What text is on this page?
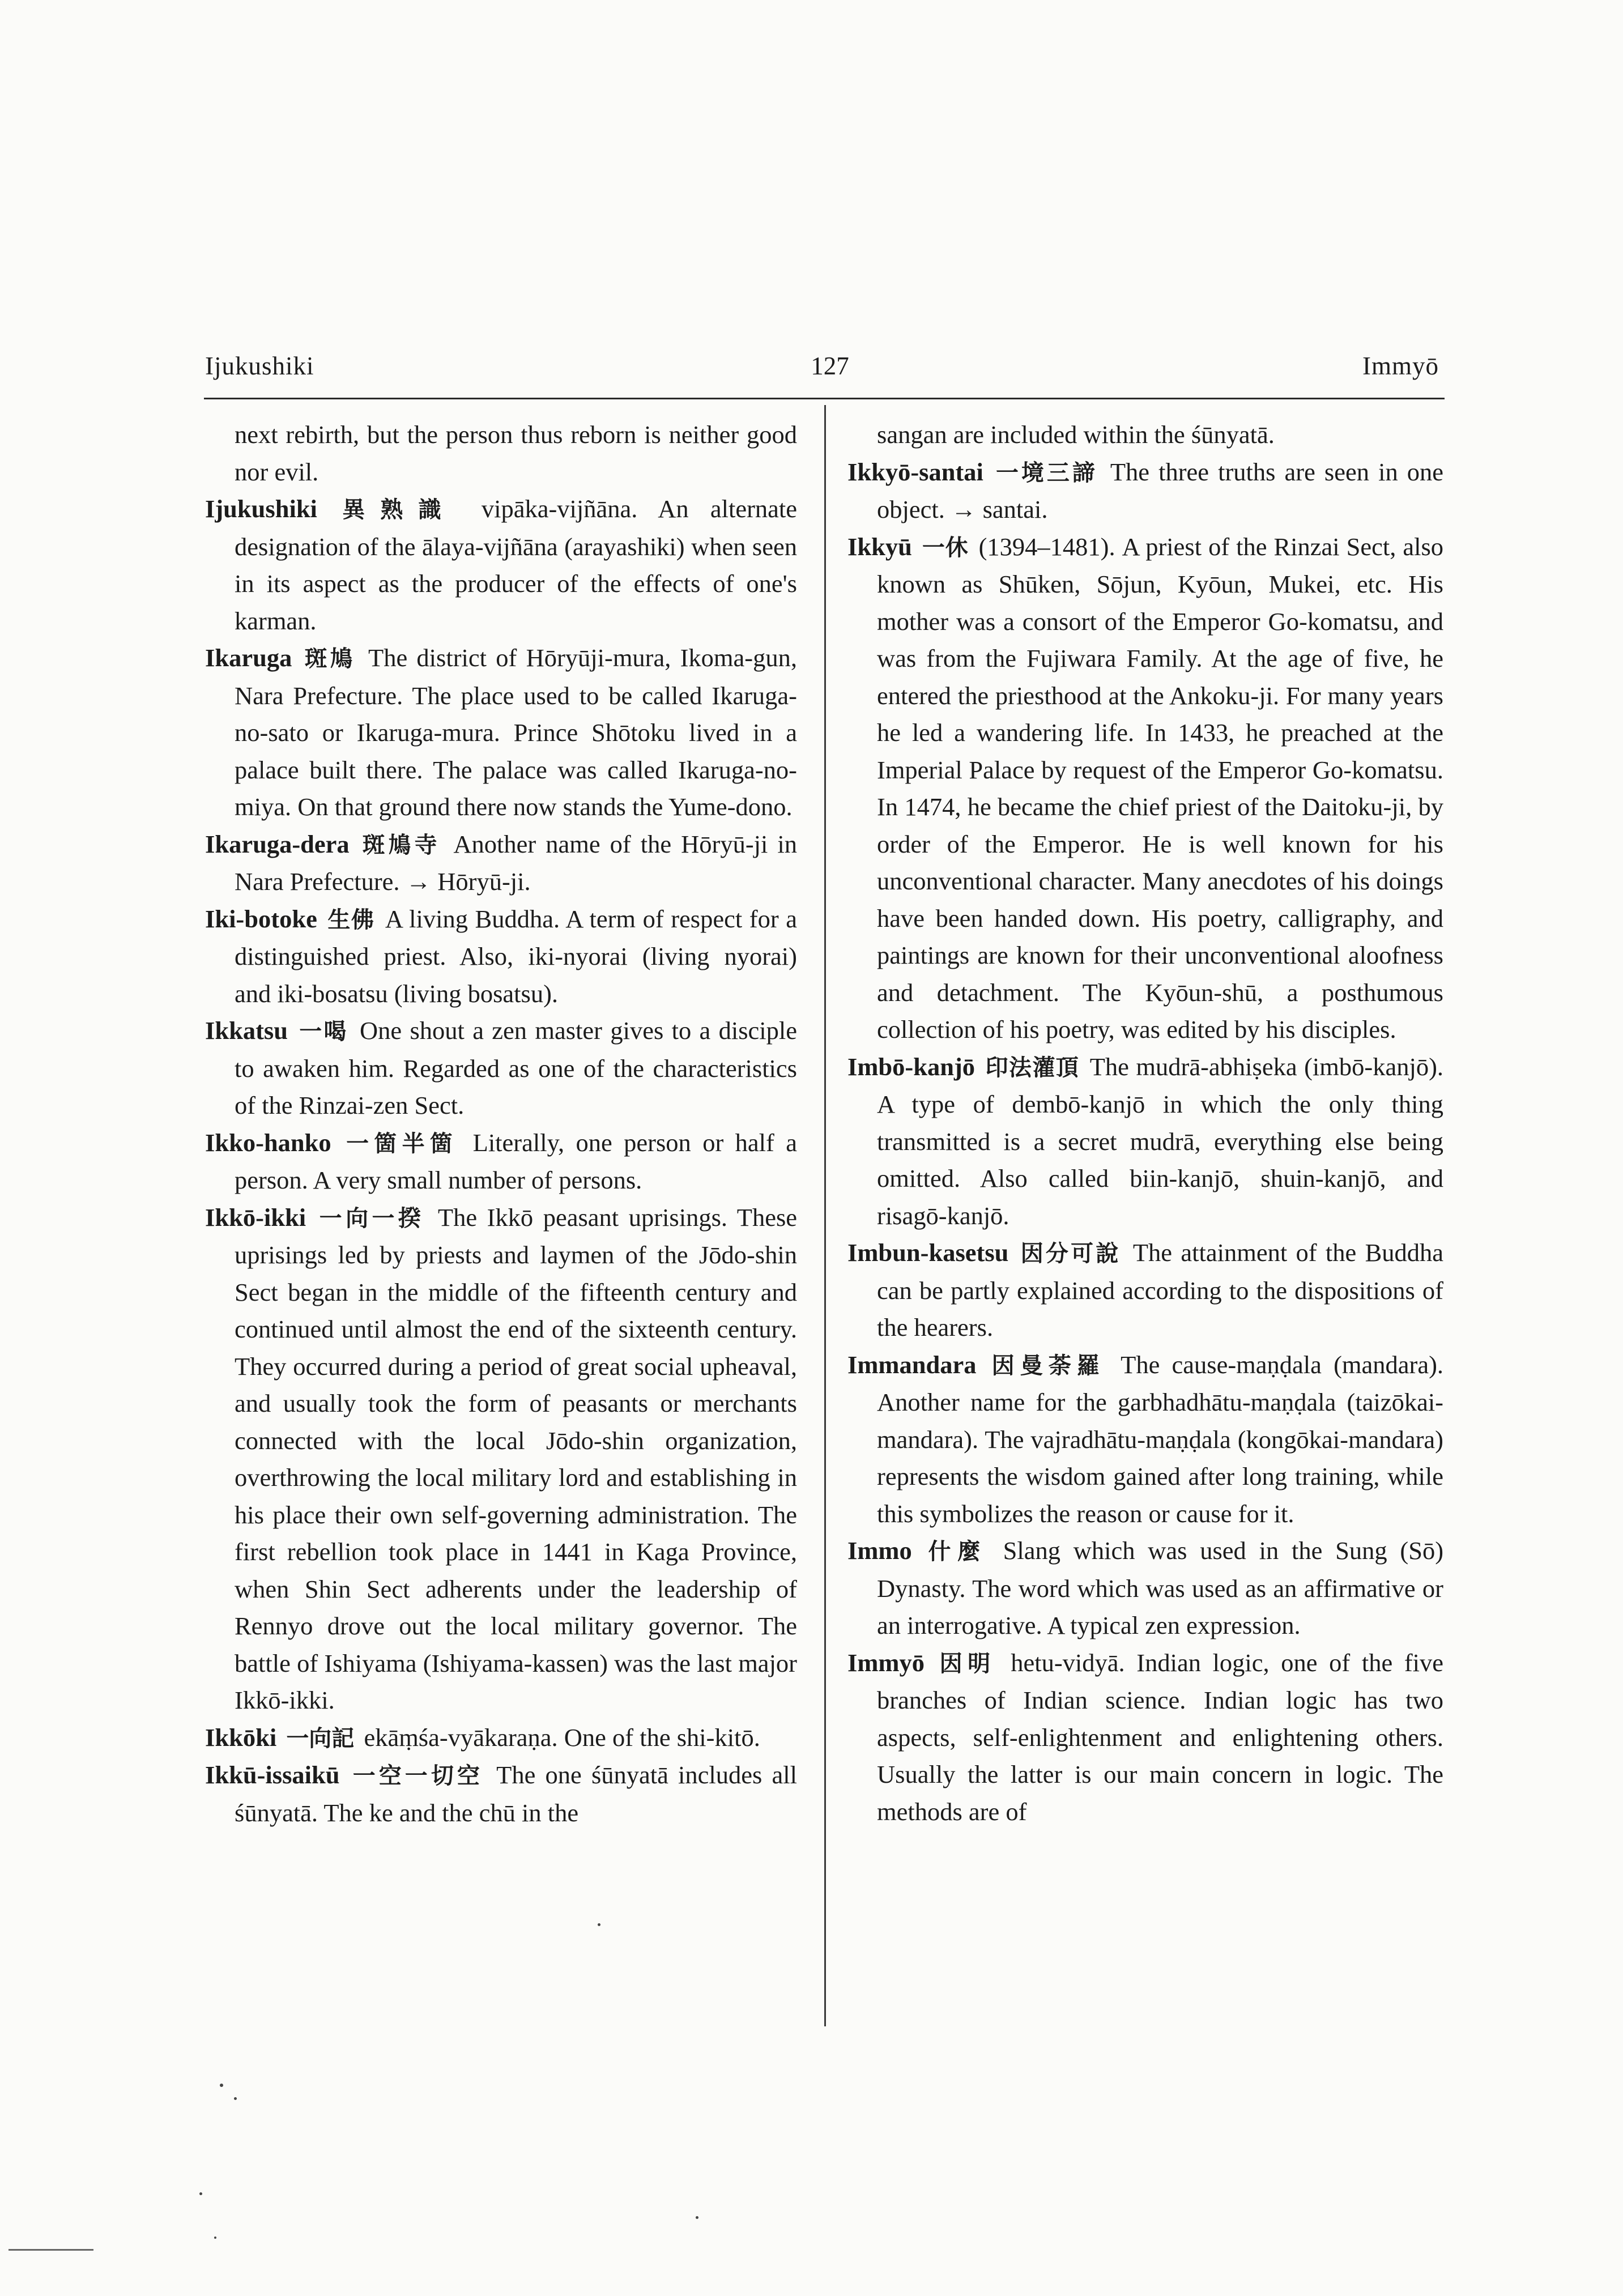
Ijukushiki	127	Immyō

next rebirth, but the person thus reborn is neither good nor evil.

Ijukushiki 異熟識 vipāka-vijñāna. An alternate designation of the ālaya-vijñāna (arayashiki) when seen in its aspect as the producer of the effects of one's karman.

Ikaruga 斑鳩 The district of Hōryūji-mura, Ikoma-gun, Nara Prefecture. The place used to be called Ikaruga-no-sato or Ikaruga-mura. Prince Shōtoku lived in a palace built there. The palace was called Ikaruga-no-miya. On that ground there now stands the Yume-dono.

Ikaruga-dera 斑鳩寺 Another name of the Hōryū-ji in Nara Prefecture. → Hōryū-ji.

Iki-botoke 生佛 A living Buddha. A term of respect for a distinguished priest. Also, iki-nyorai (living nyorai) and iki-bosatsu (living bosatsu).

Ikkatsu 一喝 One shout a zen master gives to a disciple to awaken him. Regarded as one of the characteristics of the Rinzai-zen Sect.

Ikko-hanko 一箇半箇 Literally, one person or half a person. A very small number of persons.

Ikkō-ikki 一向一揆 The Ikkō peasant uprisings. These uprisings led by priests and laymen of the Jōdo-shin Sect began in the middle of the fifteenth century and continued until almost the end of the sixteenth century. They occurred during a period of great social upheaval, and usually took the form of peasants or merchants connected with the local Jōdo-shin organization, overthrowing the local military lord and establishing in his place their own self-governing administration. The first rebellion took place in 1441 in Kaga Province, when Shin Sect adherents under the leadership of Rennyo drove out the local military governor. The battle of Ishiyama (Ishiyama-kassen) was the last major Ikkō-ikki.

Ikkōki 一向記 ekāṃśa-vyākaraṇa. One of the shi-kitō.

Ikkū-issaikū 一空一切空 The one śūnyatā includes all śūnyatā. The ke and the chū in the

sangan are included within the śūnyatā.

Ikkyō-santai 一境三諦 The three truths are seen in one object. → santai.

Ikkyū 一休 (1394–1481). A priest of the Rinzai Sect, also known as Shūken, Sōjun, Kyōun, Mukei, etc. His mother was a consort of the Emperor Go-komatsu, and was from the Fujiwara Family. At the age of five, he entered the priesthood at the Ankoku-ji. For many years he led a wandering life. In 1433, he preached at the Imperial Palace by request of the Emperor Go-komatsu. In 1474, he became the chief priest of the Daitoku-ji, by order of the Emperor. He is well known for his unconventional character. Many anecdotes of his doings have been handed down. His poetry, calligraphy, and paintings are known for their unconventional aloofness and detachment. The Kyōun-shū, a posthumous collection of his poetry, was edited by his disciples.

Imbō-kanjō 印法灌頂 The mudrā-abhiṣeka (imbō-kanjō). A type of dembō-kanjō in which the only thing transmitted is a secret mudrā, everything else being omitted. Also called biin-kanjō, shuin-kanjō, and risagō-kanjō.

Imbun-kasetsu 因分可說 The attainment of the Buddha can be partly explained according to the dispositions of the hearers.

Immandara 因曼荼羅 The cause-maṇḍala (mandara). Another name for the garbhadhātu-maṇḍala (taizōkai-mandara). The vajradhātu-maṇḍala (kongōkai-mandara) represents the wisdom gained after long training, while this symbolizes the reason or cause for it.

Immo 什麼 Slang which was used in the Sung (Sō) Dynasty. The word which was used as an affirmative or an interrogative. A typical zen expression.

Immyō 因明 hetu-vidyā. Indian logic, one of the five branches of Indian science. Indian logic has two aspects, self-enlightenment and enlightening others. Usually the latter is our main concern in logic. The methods are of
